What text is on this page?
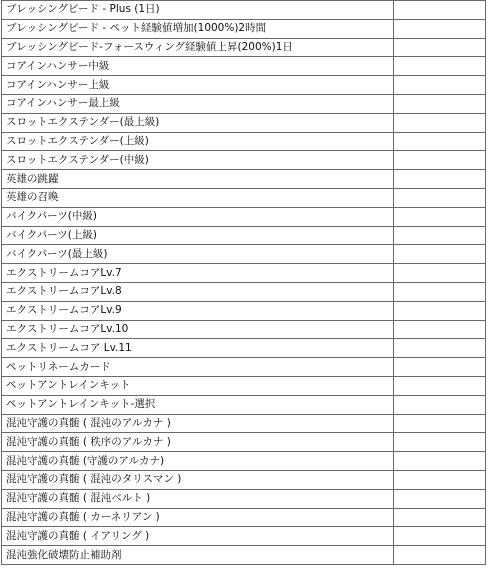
ブレッシングビード - Plus (1日)	
ブレッシングビード - ペット経験値増加(1000%)2時間	
ブレッシングビード-フォースウィング経験値上昇(200%)1日	
コアインハンサー中級	
コアインハンサー上級	
コアインハンサー最上級	
スロットエクステンダー(最上級)	
スロットエクステンダー(上級)	
スロットエクステンダー(中級)	
英雄の跳躍	
英雄の召喚	
バイクパーツ(中級)	
バイクパーツ(上級)	
バイクパーツ(最上級)	
エクストリームコアLv.7	
エクストリームコアLv.8	
エクストリームコアLv.9	
エクストリームコアLv.10	
エクストリームコア Lv.11	
ペットリネームカード	
ペットアントレインキット	
ペットアントレインキット-選択	
混沌守護の真髄 ( 混沌のアルカナ )	
混沌守護の真髄 ( 秩序のアルカナ )	
混沌守護の真髄 (守護のアルカナ)	
混沌守護の真髄 ( 混沌のタリスマン )	
混沌守護の真髄 ( 混沌ベルト )	
混沌守護の真髄 ( カーネリアン )	
混沌守護の真髄 ( イアリング )	
混沌強化破壊防止補助剤	
